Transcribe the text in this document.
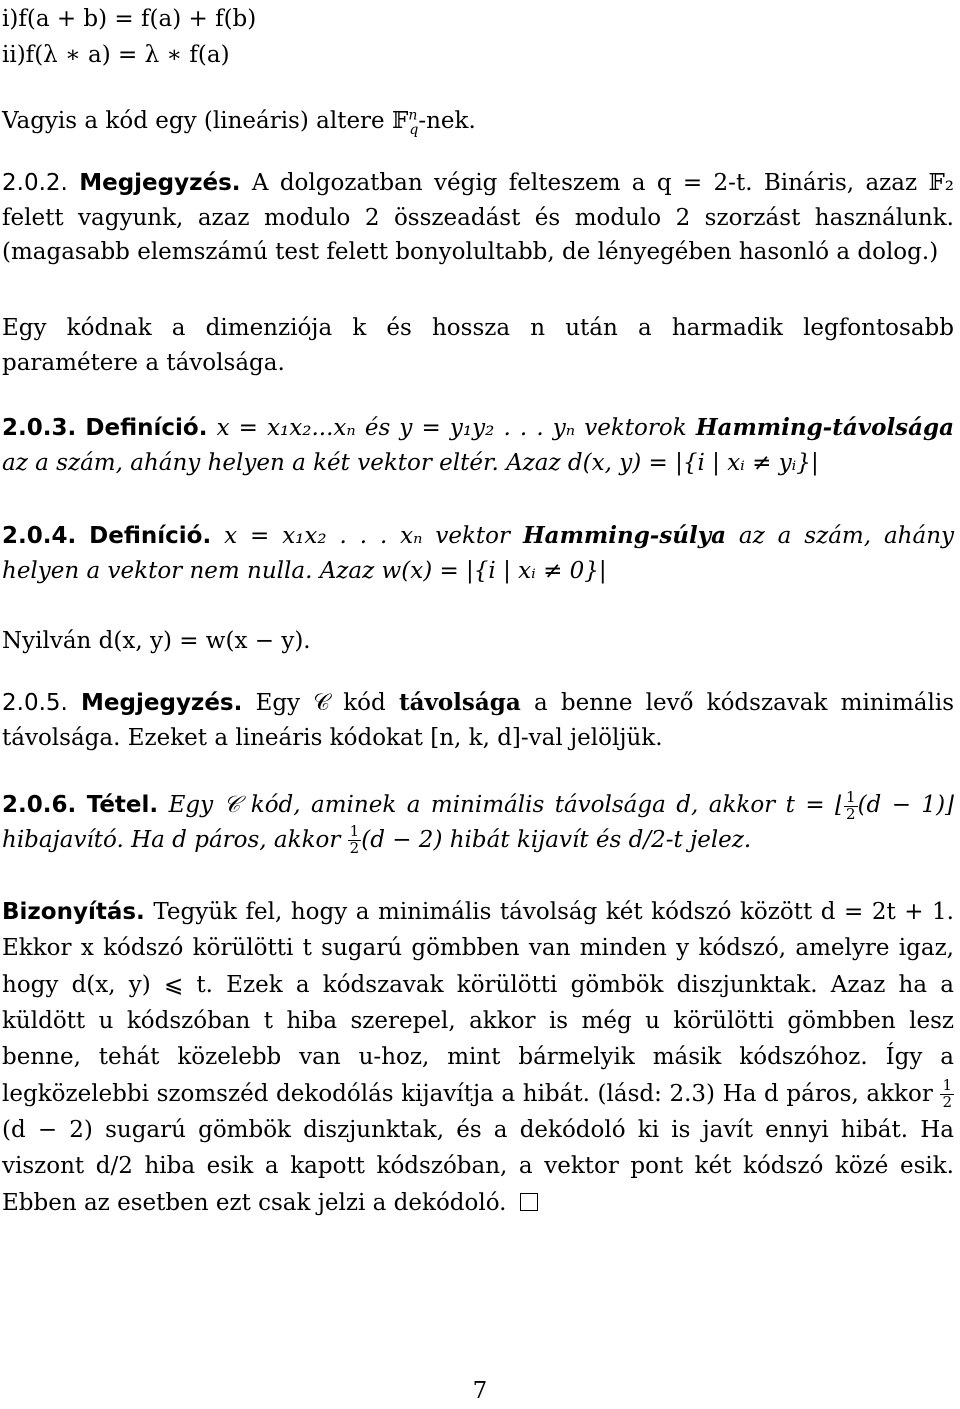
i)f(a + b) = f(a) + f(b)

ii)f(λ ∗ a) = λ ∗ f(a)

Vagyis a kód egy (lineáris) altere 𝔽$^n_q$-nek.

2.0.2. Megjegyzés. A dolgozatban végig felteszem a q = 2-t. Bináris, azaz 𝔽₂ felett vagyunk, azaz modulo 2 összeadást és modulo 2 szorzást használunk.(magasabb elemszámú test felett bonyolultabb, de lényegében hasonló a dolog.)

Egy kódnak a dimenziója k és hossza n után a harmadik legfontosabb paramétere a távolsága.

2.0.3. Definíció. x = x₁x₂...xₙ és y = y₁y₂ . . . yₙ vektorok Hamming-távolsága az a szám, ahány helyen a két vektor eltér. Azaz d(x, y) = |{i | xᵢ ≠ yᵢ}|

2.0.4. Definíció. x = x₁x₂ . . . xₙ vektor Hamming-súlya az a szám, ahány helyen a vektor nem nulla. Azaz w(x) = |{i | xᵢ ≠ 0}|

Nyilván d(x, y) = w(x − y).

2.0.5. Megjegyzés. Egy 𝒞 kód távolsága a benne levő kódszavak minimális távolsága. Ezeket a lineáris kódokat [n, k, d]-val jelöljük.

2.0.6. Tétel. Egy 𝒞 kód, aminek a minimális távolsága d, akkor t = ⌊ $\frac{1}{2} (d$ − 1)⌋ hibajavító. Ha d páros, akkor $\frac{1}{2} (d - 2)$ hibát kijavít és d/2-t jelez.

Bizonyítás. Tegyük fel, hogy a minimális távolság két kódszó között d = 2t + 1. Ekkor x kódszó körülötti t sugarú gömbben van minden y kódszó, amelyre igaz, hogy d(x, y) ⩽ t. Ezek a kódszavak körülötti gömbök diszjunktak. Azaz ha a küldött u kódszóban t hiba szerepel, akkor is még u körülötti gömbben lesz benne, tehát közelebb van u-hoz, mint bármelyik másik kódszóhoz. Így a legközelebbi szomszéd dekodólás kijavítja a hibát. (lásd: 2.3) Ha d páros, akkor $\frac{1}{2}$
(d − 2) sugarú gömbök diszjunktak, és a dekódoló ki is javít ennyi hibát. Ha viszont d/2 hiba esik a kapott kódszóban, a vektor pont két kódszó közé esik. Ebben az esetben ezt csak jelzi a dekódoló.

7
